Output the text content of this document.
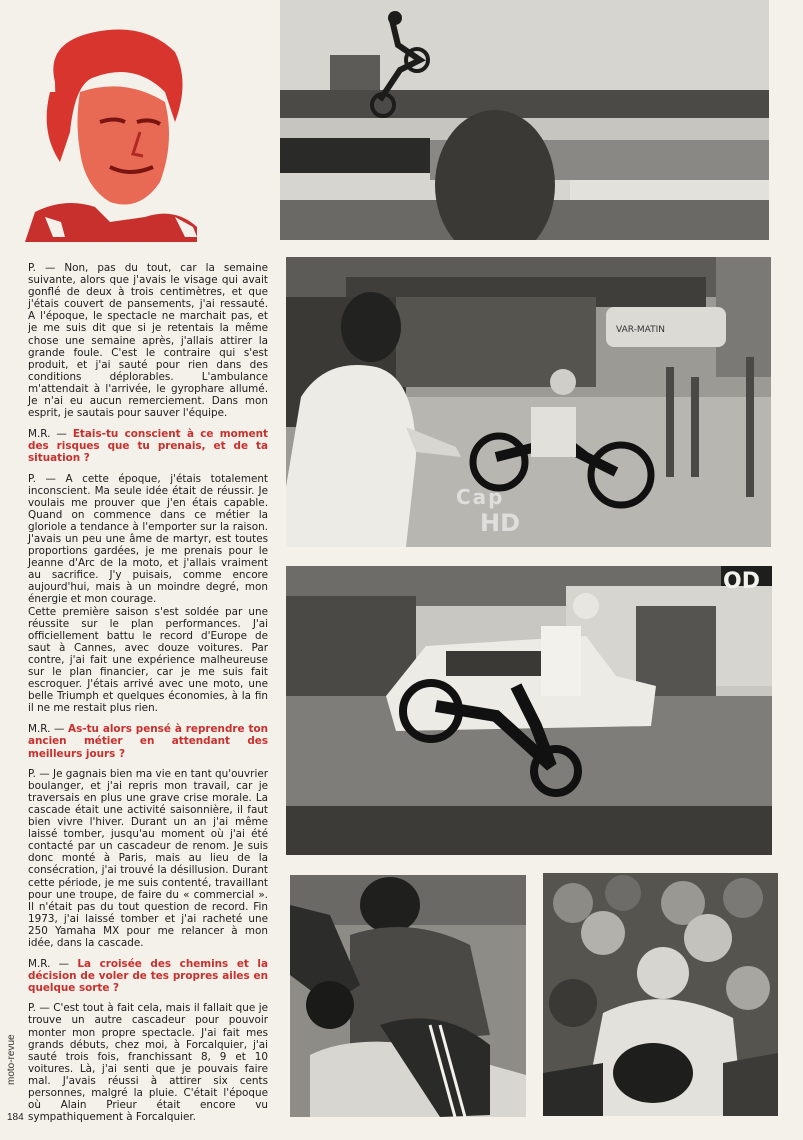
VAR-MATIN
Cap
HD
OD

P. — Non, pas du tout, car la semaine suivante, alors que j'avais le visage qui avait gonflé de deux à trois centimètres, et que j'étais couvert de pansements, j'ai ressauté. A l'époque, le spectacle ne marchait pas, et je me suis dit que si je retentais la même chose une semaine après, j'allais attirer la grande foule. C'est le contraire qui s'est produit, et j'ai sauté pour rien dans des conditions déplorables. L'ambulance m'attendait à l'arrivée, le gyrophare allumé. Je n'ai eu aucun remerciement. Dans mon esprit, je sautais pour sauver l'équipe.

M.R. — Etais-tu conscient à ce moment des risques que tu prenais, et de ta situation ?

P. — A cette époque, j'étais totalement inconscient. Ma seule idée était de réussir. Je voulais me prouver que j'en étais capable. Quand on commence dans ce métier la gloriole a tendance à l'emporter sur la raison. J'avais un peu une âme de martyr, est toutes proportions gardées, je me prenais pour le Jeanne d'Arc de la moto, et j'allais vraiment au sacrifice. J'y puisais, comme encore aujourd'hui, mais à un moindre degré, mon énergie et mon courage.

Cette première saison s'est soldée par une réussite sur le plan performances. J'ai officiellement battu le record d'Europe de saut à Cannes, avec douze voitures. Par contre, j'ai fait une expérience malheureuse sur le plan financier, car je me suis fait escroquer. J'étais arrivé avec une moto, une belle Triumph et quelques économies, à la fin il ne me restait plus rien.

M.R. — As-tu alors pensé à reprendre ton ancien métier en attendant des meilleurs jours ?

P. — Je gagnais bien ma vie en tant qu'ouvrier boulanger, et j'ai repris mon travail, car je traversais en plus une grave crise morale. La cascade était une activité saisonnière, il faut bien vivre l'hiver. Durant un an j'ai même laissé tomber, jusqu'au moment où j'ai été contacté par un cascadeur de renom. Je suis donc monté à Paris, mais au lieu de la consécration, j'ai trouvé la désillusion. Durant cette période, je me suis contenté, travaillant pour une troupe, de faire du « commercial ». Il n'était pas du tout question de record. Fin 1973, j'ai laissé tomber et j'ai racheté une 250 Yamaha MX pour me relancer à mon idée, dans la cascade.

M.R. — La croisée des chemins et la décision de voler de tes propres ailes en quelque sorte ?

P. — C'est tout à fait cela, mais il fallait que je trouve un autre cascadeur pour pouvoir monter mon propre spectacle. J'ai fait mes grands débuts, chez moi, à Forcalquier, j'ai sauté trois fois, franchissant 8, 9 et 10 voitures. Là, j'ai senti que je pouvais faire mal. J'avais réussi à attirer six cents personnes, malgré la pluie. C'était l'époque où Alain Prieur était encore vu sympathiquement à Forcalquier.

moto-revue
184
